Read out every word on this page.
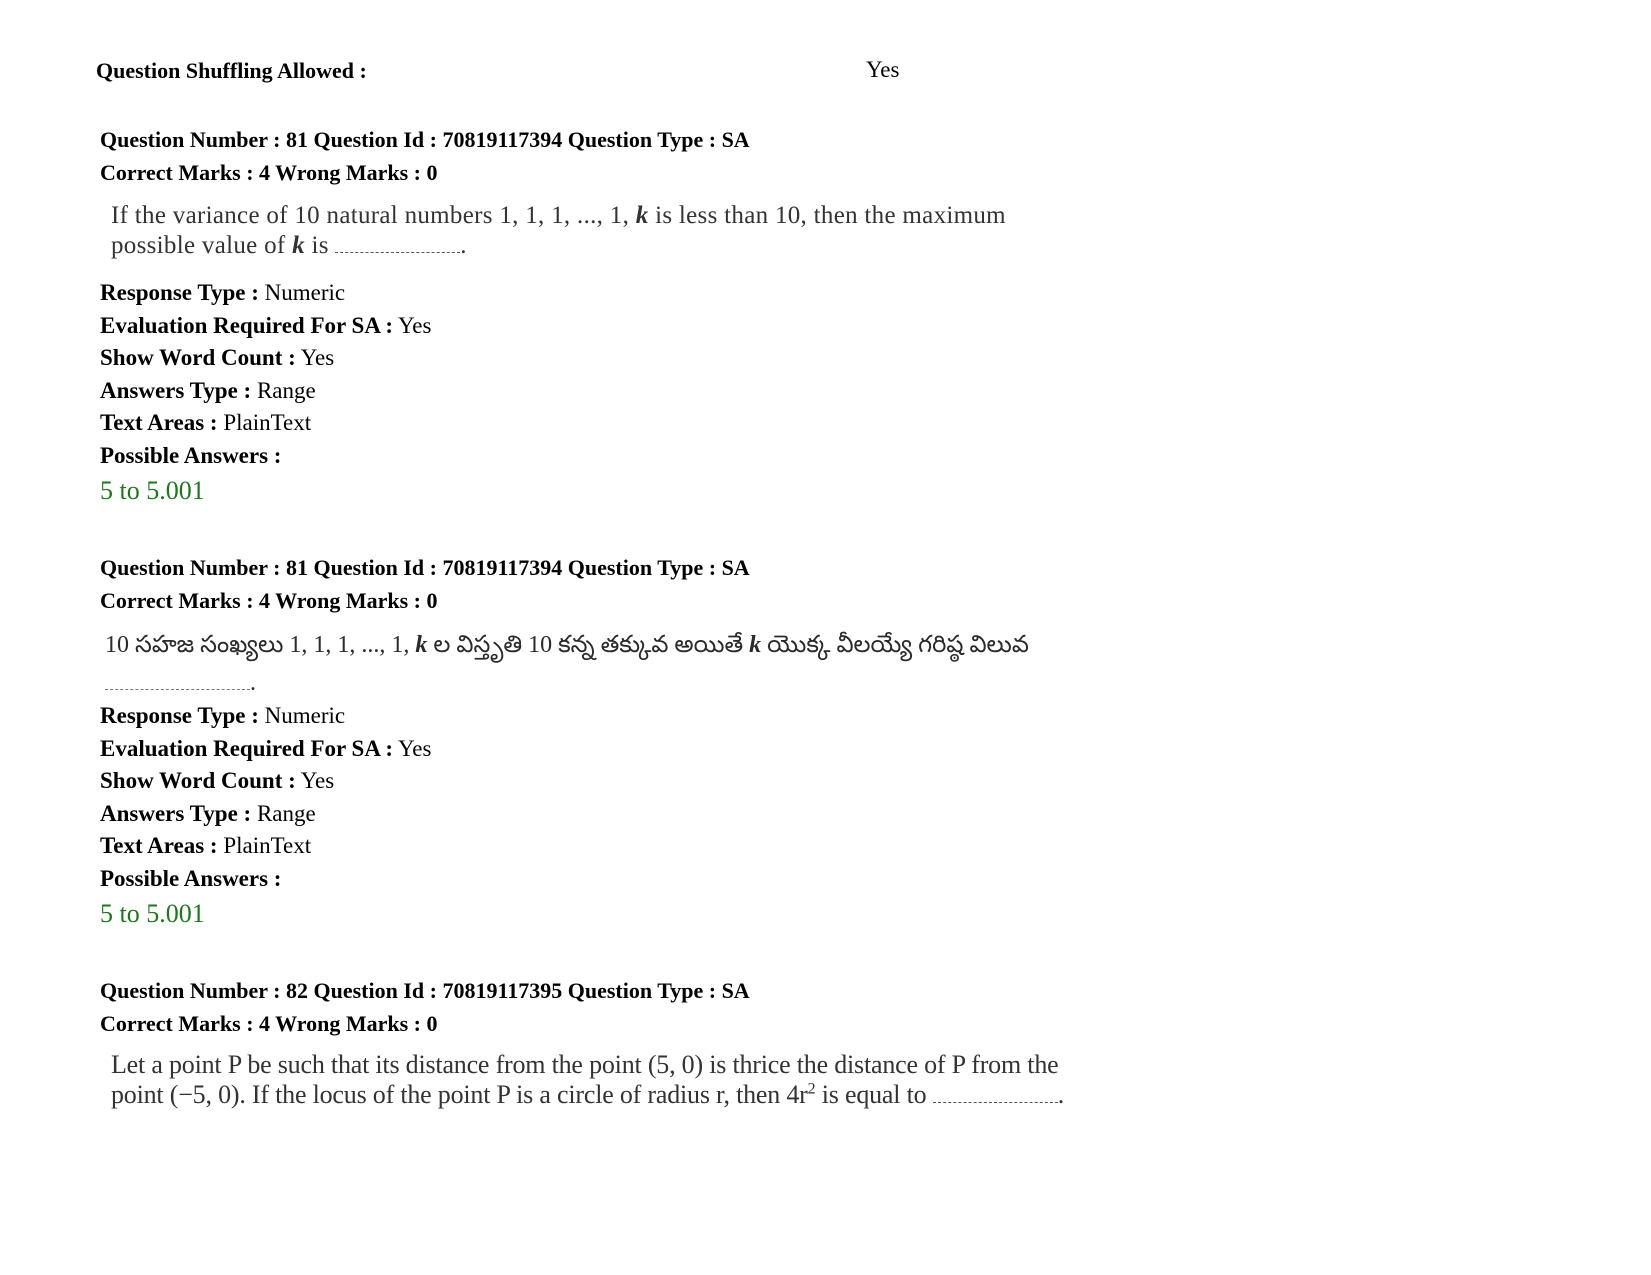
Question Shuffling Allowed :	Yes
Question Number : 81 Question Id : 70819117394 Question Type : SA
Correct Marks : 4 Wrong Marks : 0
If the variance of 10 natural numbers 1, 1, 1, ..., 1, k is less than 10, then the maximum
possible value of k is	.
Response Type : Numeric
Evaluation Required For SA : Yes
Show Word Count : Yes
Answers Type : Range
Text Areas : PlainText
Possible Answers :
5 to 5.001
Question Number : 81 Question Id : 70819117394 Question Type : SA
Correct Marks : 4 Wrong Marks : 0
10 సహజ సంఖ్యలు 1, 1, 1, ..., 1, k ల విస్తృతి 10 కన్న తక్కువ అయితే k యొక్క వీలయ్యే గరిష్ఠ విలువ
.
Response Type : Numeric
Evaluation Required For SA : Yes
Show Word Count : Yes
Answers Type : Range
Text Areas : PlainText
Possible Answers :
5 to 5.001
Question Number : 82 Question Id : 70819117395 Question Type : SA
Correct Marks : 4 Wrong Marks : 0
Let a point P be such that its distance from the point (5, 0) is thrice the distance of P from the
point (−5, 0). If the locus of the point P is a circle of radius r, then $4r^2$ is equal to	.
